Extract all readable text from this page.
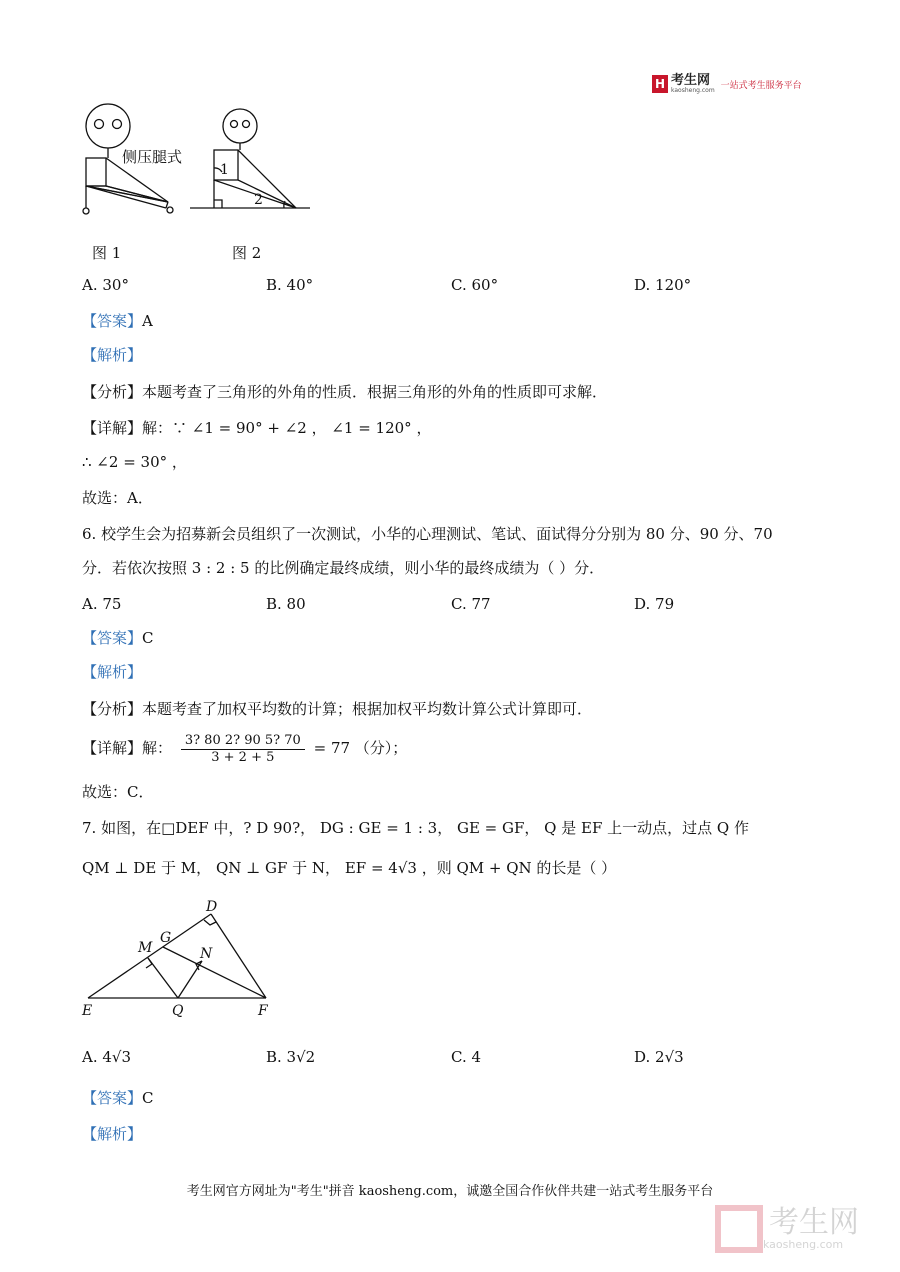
H 考生网
kaosheng.com 一站式考生服务平台
侧压腿式
1
2
图 1	图 2
A. 30°	B. 40°	C. 60°	D. 120°
【答案】A
【解析】
【分析】本题考查了三角形的外角的性质．根据三角形的外角的性质即可求解．
【详解】解：∵ ∠1 = 90° + ∠2 ， ∠1 = 120° ，
∴ ∠2 = 30° ，
故选：A．
6. 校学生会为招募新会员组织了一次测试，小华的心理测试、笔试、面试得分分别为 80 分、90 分、70
分．若依次按照 3 : 2 : 5 的比例确定最终成绩，则小华的最终成绩为（ ）分．
A. 75	B. 80	C. 77	D. 79
【答案】C
【解析】
【分析】本题考查了加权平均数的计算；根据加权平均数计算公式计算即可．
【详解】解： $\frac{3? 80 2? 90 5? 70}{3 + 2 + 5} = 77$ （分）；
故选：C．
7. 如图，在□DEF 中，? D 90?， DG : GE = 1 : 3， GE = GF， Q 是 EF 上一动点，过点 Q 作
QM ⊥ DE 于 M， QN ⊥ GF 于 N， EF = 4√3 ，则 QM + QN 的长是（ ）
D
G
M	N
E	Q	F
A. 4√3	B. 3√2	C. 4	D. 2√3
【答案】C
【解析】
考生网官方网址为"考生"拼音 kaosheng.com，诚邀全国合作伙伴共建一站式考生服务平台
考生网
kaosheng.com
